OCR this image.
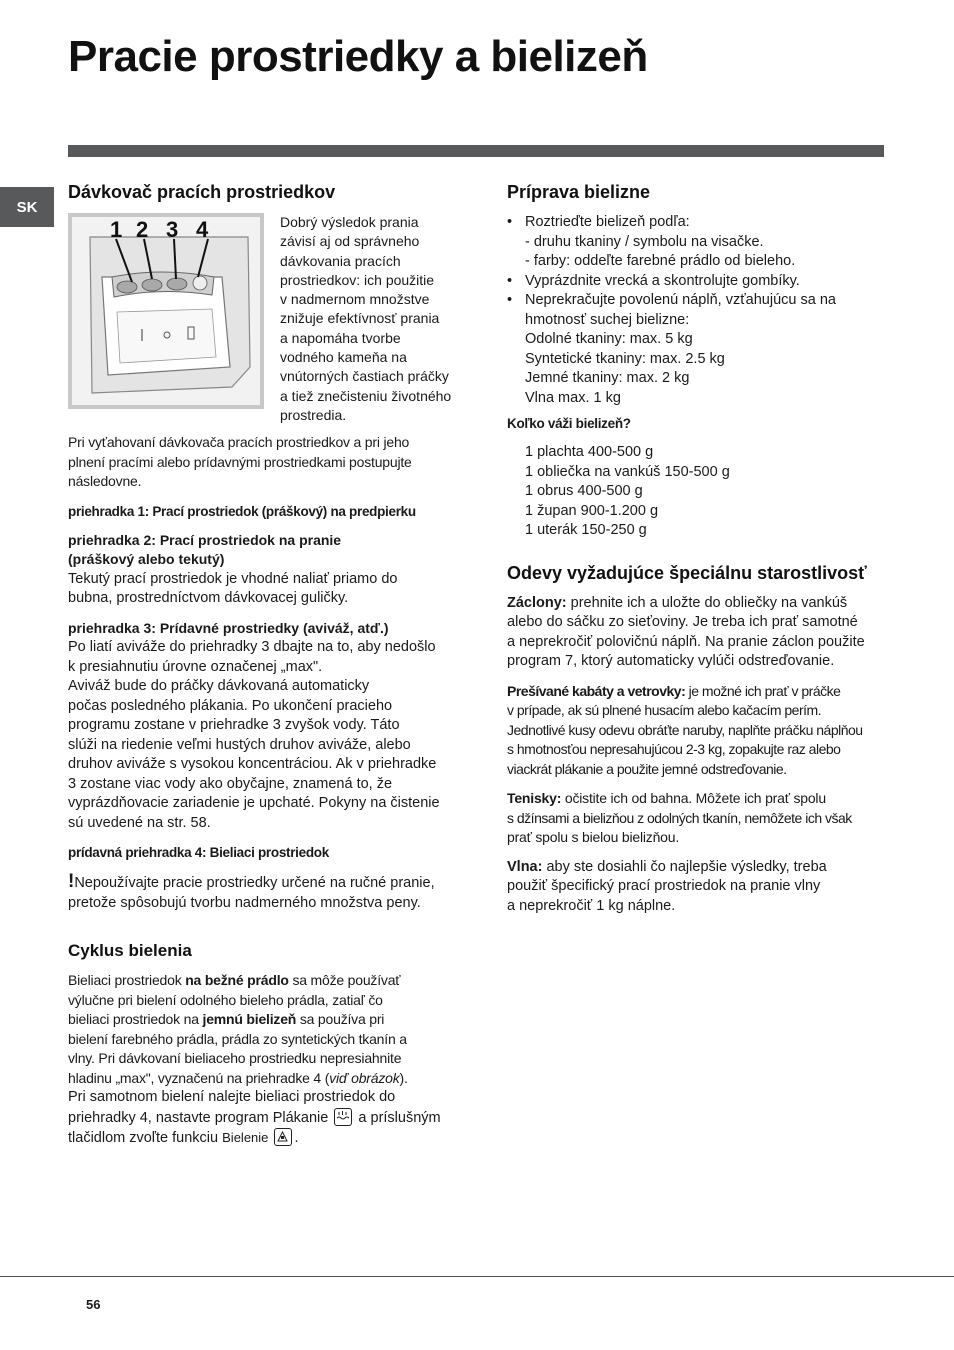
Pracie prostriedky a bielizeň
SK
Dávkovač pracích prostriedkov
1 2 3 4	Dobrý výsledok prania
závisí aj od správneho
dávkovania pracích
prostriedkov: ich použitie
v nadmernom množstve
znižuje efektívnosť prania
a napomáha tvorbe
vodného kameňa na
vnútorných častiach práčky
a tiež znečisteniu životného
prostredia.
Pri vyťahovaní dávkovača pracích prostriedkov a pri jeho
plnení pracími alebo prídavnými prostriedkami postupujte
následovne.
priehradka 1: Prací prostriedok (práškový) na predpierku
priehradka 2: Prací prostriedok na pranie
(práškový alebo tekutý)
Tekutý prací prostriedok je vhodné naliať priamo do
bubna, prostredníctvom dávkovacej guličky.
priehradka 3: Prídavné prostriedky (aviváž, atď.)
Po liatí aviváže do priehradky 3 dbajte na to, aby nedošlo
k presiahnutiu úrovne označenej „max".
Aviváž bude do práčky dávkovaná automaticky
počas posledného plákania. Po ukončení pracieho
programu zostane v priehradke 3 zvyšok vody. Táto
slúži na riedenie veľmi hustých druhov aviváže, alebo
druhov aviváže s vysokou koncentráciou. Ak v priehradke
3 zostane viac vody ako obyčajne, znamená to, že
vyprázdňovacie zariadenie je upchaté. Pokyny na čistenie
sú uvedené na str. 58.
prídavná priehradka 4: Bieliaci prostriedok
!Nepoužívajte pracie prostriedky určené na ručné pranie,
pretože spôsobujú tvorbu nadmerného množstva peny.
Cyklus bielenia
Bieliaci prostriedok na bežné prádlo sa môže používať
výlučne pri bielení odolného bieleho prádla, zatiaľ čo
bieliaci prostriedok na jemnú bielizeň sa používa pri
bielení farebného prádla, prádla zo syntetických tkanín a
vlny. Pri dávkovaní bieliaceho prostriedku nepresiahnite
hladinu „max", vyznačenú na priehradke 4 (viď obrázok).
Pri samotnom bielení nalejte bieliaci prostriedok do
priehradky 4, nastavte program Plákanie a príslušným
tlačidlom zvoľte funkciu Bielenie .
Príprava bielizne
• Roztrieďte bielizeň podľa:
- druhu tkaniny / symbolu na visačke.
- farby: oddeľte farebné prádlo od bieleho.
• Vyprázdnite vrecká a skontrolujte gombíky.
• Neprekračujte povolenú náplň, vzťahujúcu sa na
hmotnosť suchej bielizne:
Odolné tkaniny: max. 5 kg
Syntetické tkaniny: max. 2.5 kg
Jemné tkaniny: max. 2 kg
Vlna max. 1 kg
Koľko váži bielizeň?
1 plachta 400-500 g
1 obliečka na vankúš 150-500 g
1 obrus 400-500 g
1 župan 900-1.200 g
1 uterák 150-250 g
Odevy vyžadujúce špeciálnu starostlivosť
Záclony: prehnite ich a uložte do obliečky na vankúš
alebo do sáčku zo sieťoviny. Je treba ich prať samotné
a neprekročiť polovičnú náplň. Na pranie záclon použite
program 7, ktorý automaticky vylúči odstreďovanie.
Prešívané kabáty a vetrovky: je možné ich prať v práčke
v prípade, ak sú plnené husacím alebo kačacím perím.
Jednotlivé kusy odevu obráťte naruby, naplňte práčku náplňou
s hmotnosťou nepresahujúcou 2-3 kg, zopakujte raz alebo
viackrát plákanie a použite jemné odstreďovanie.
Tenisky: očistite ich od bahna. Môžete ich prať spolu
s džínsami a bielizňou z odolných tkanín, nemôžete ich však
prať spolu s bielou bielizňou.
Vlna: aby ste dosiahli čo najlepšie výsledky, treba
použiť špecifický prací prostriedok na pranie vlny
a neprekročiť 1 kg náplne.
56
